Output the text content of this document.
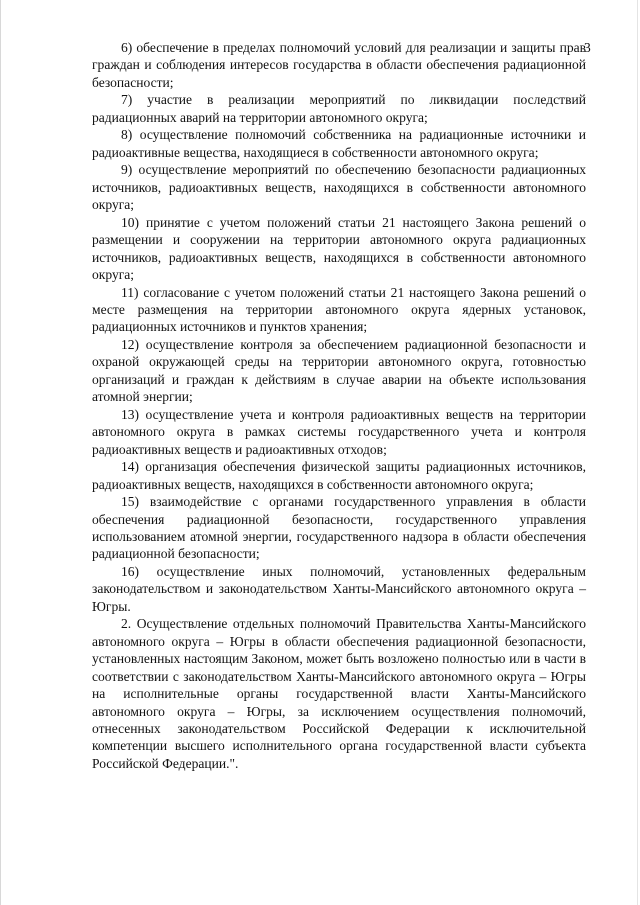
3

6) обеспечение в пределах полномочий условий для реализации и защиты прав граждан и соблюдения интересов государства в области обеспечения радиационной безопасности;

7) участие в реализации мероприятий по ликвидации последствий радиационных аварий на территории автономного округа;

8) осуществление полномочий собственника на радиационные источники и радиоактивные вещества, находящиеся в собственности автономного округа;

9) осуществление мероприятий по обеспечению безопасности радиационных источников, радиоактивных веществ, находящихся в собственности автономного округа;

10) принятие с учетом положений статьи 21 настоящего Закона решений о размещении и сооружении на территории автономного округа радиационных источников, радиоактивных веществ, находящихся в собственности автономного округа;

11) согласование с учетом положений статьи 21 настоящего Закона решений о месте размещения на территории автономного округа ядерных установок, радиационных источников и пунктов хранения;

12) осуществление контроля за обеспечением радиационной безопасности и охраной окружающей среды на территории автономного округа, готовностью организаций и граждан к действиям в случае аварии на объекте использования атомной энергии;

13) осуществление учета и контроля радиоактивных веществ на территории автономного округа в рамках системы государственного учета и контроля радиоактивных веществ и радиоактивных отходов;

14) организация обеспечения физической защиты радиационных источников, радиоактивных веществ, находящихся в собственности автономного округа;

15) взаимодействие с органами государственного управления в области обеспечения радиационной безопасности, государственного управления использованием атомной энергии, государственного надзора в области обеспечения радиационной безопасности;

16) осуществление иных полномочий, установленных федеральным законодательством и законодательством Ханты-Мансийского автономного округа – Югры.

2. Осуществление отдельных полномочий Правительства Ханты-Мансийского автономного округа – Югры в области обеспечения радиационной безопасности, установленных настоящим Законом, может быть возложено полностью или в части в соответствии с законодательством Ханты-Мансийского автономного округа – Югры на исполнительные органы государственной власти Ханты-Мансийского автономного округа – Югры, за исключением осуществления полномочий, отнесенных законодательством Российской Федерации к исключительной компетенции высшего исполнительного органа государственной власти субъекта Российской Федерации.".
